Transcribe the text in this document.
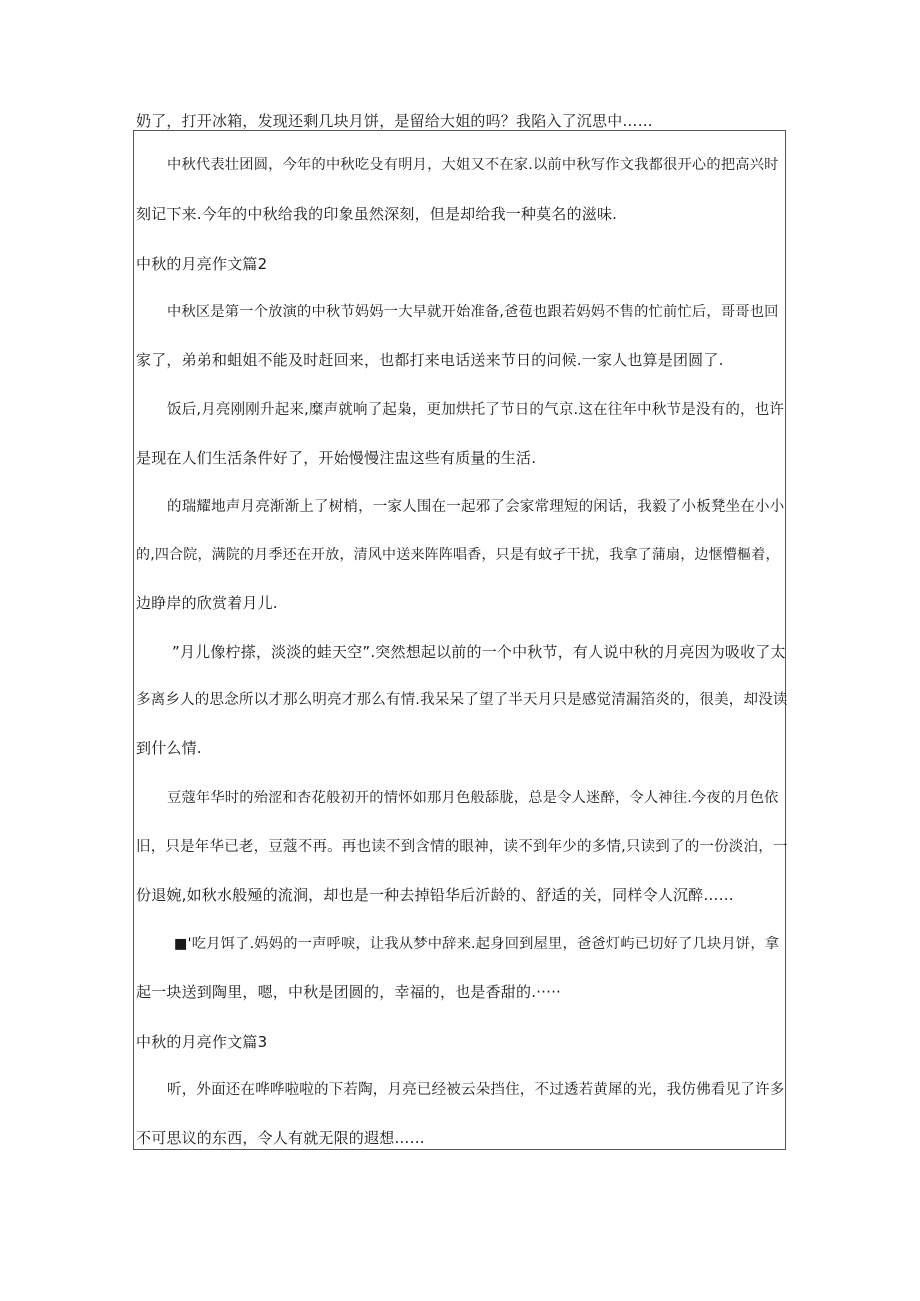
奶了，打开冰箱，发现还剩几块月饼，是留给大姐的吗？我陷入了沉思中……
中秋代表壮团圆，今年的中秋吃殳有明月，大姐又不在家.以前中秋写作文我都很开心的把高兴时
刻记下来.今年的中秋给我的印象虽然深刻，但是却给我一种莫名的滋味.
中秋的月亮作文篇2
中秋区是第一个放演的中秋节妈妈一大早就开始准备,爸苞也跟若妈妈不售的忙前忙后，哥哥也回
家了，弟弟和蛆姐不能及时赶回来，也都打来电话送来节日的问候.一家人也算是团圆了.
饭后,月亮刚刚升起来,糜声就响了起枭，更加烘托了节日的气京.这在往年中秋节是没有的，也许
是现在人们生活条件好了，开始慢慢注盅这些有质量的生活.
的瑞耀地声月亮渐渐上了树梢，一家人围在一起邪了会家常理短的闲话，我毅了小板凳坐在小小
的,四合院，满院的月季还在开放，清风中送来阵阵唱香，只是有蚊孑干扰，我拿了蒲扇，边惬懵樞着，
边睁岸的欣赏着月儿.
”月儿像柠搽，淡淡的蛙天空”.突然想起以前的一个中秋节，有人说中秋的月亮因为吸收了太
多离乡人的思念所以才那么明亮才那么有情.我呆呆了望了半天月只是感觉清漏箔炎的，很美，却没读
到什么情.
豆蔻年华时的殆涩和杏花般初开的情怀如那月色般舔胧，总是令人迷醉，令人神往.今夜的月色依
旧，只是年华已老，豆蔻不再。再也读不到含情的眼神，读不到年少的多情,只读到了的一份淡泊，一
份退婉,如秋水般殛的流涧，却也是一种去掉铅华后沂龄的、舒适的关，同样令人沉醉……
■'吃月饵了.妈妈的一声呼唳，让我从梦中辞来.起身回到屋里，爸爸灯屿已切好了几块月饼，拿
起一块送到陶里，嗯，中秋是团圆的，幸福的，也是香甜的.·····
中秋的月亮作文篇3
听，外面还在哗哗啦啦的下若陶，月亮已经被云朵挡住，不过透若黄犀的光，我仿佛看见了许多
不可思议的东西，令人有就无限的遐想……
